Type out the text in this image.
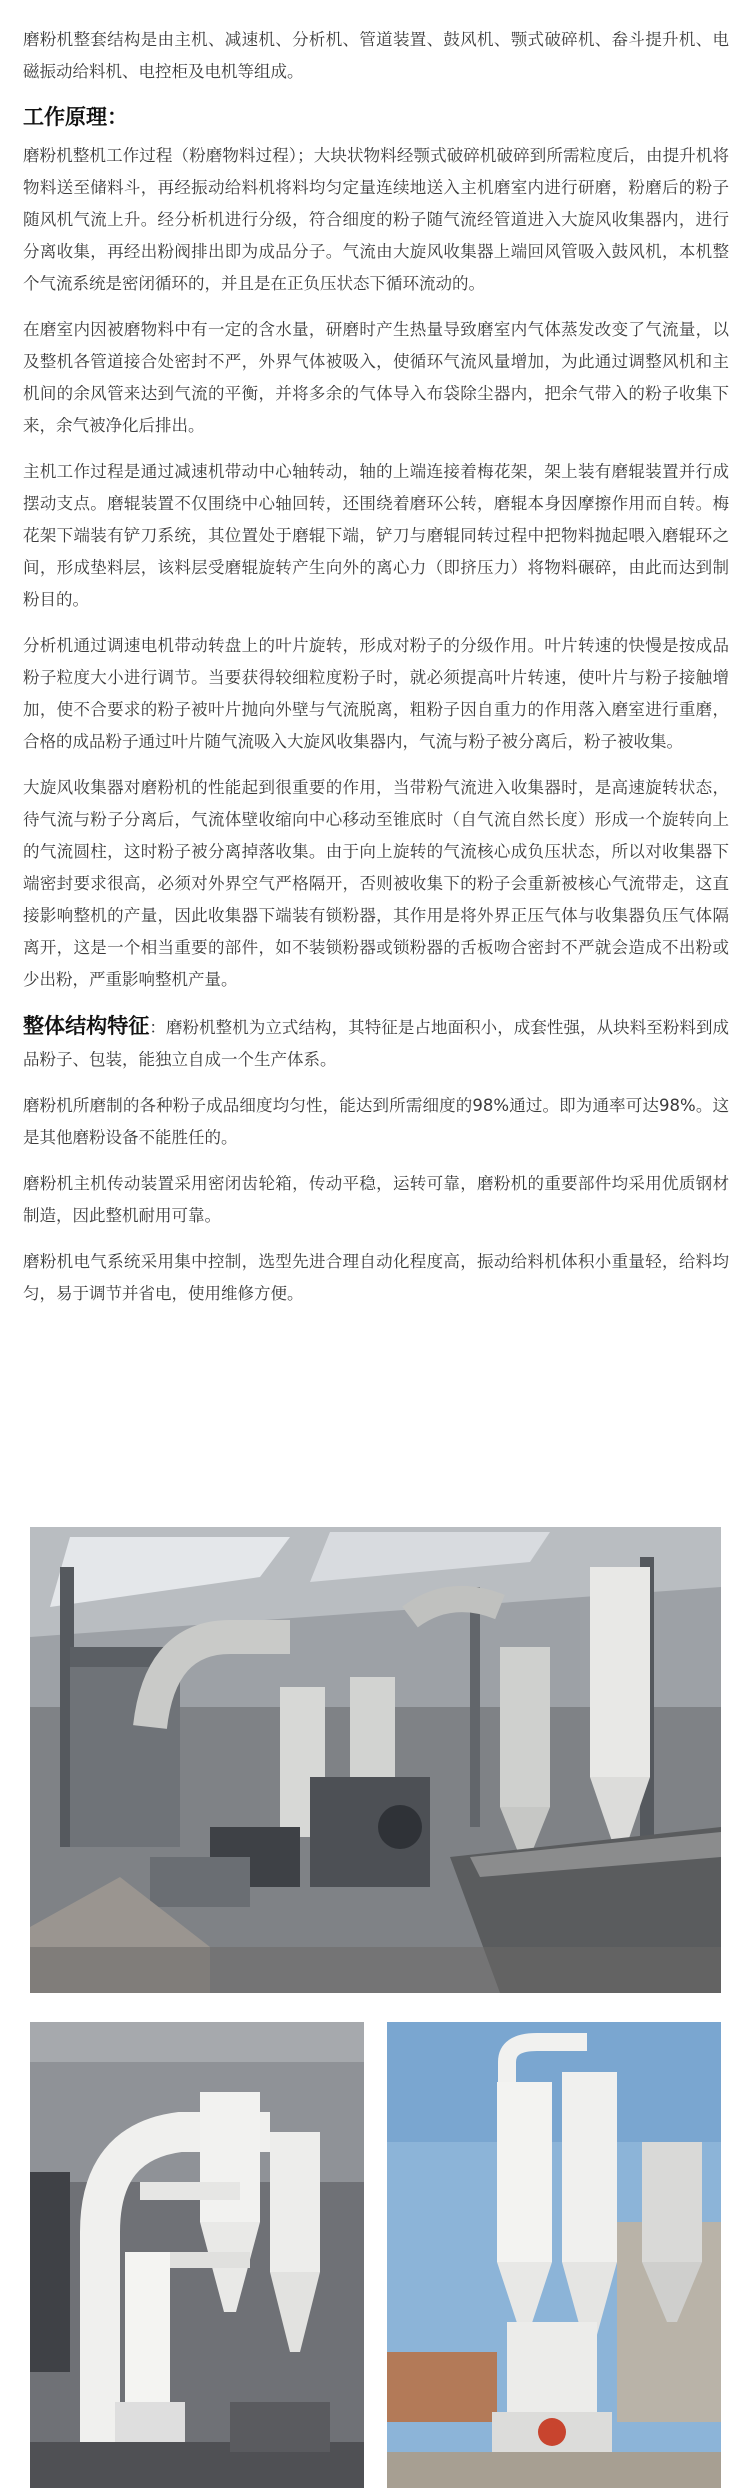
磨粉机整套结构是由主机、减速机、分析机、管道装置、鼓风机、颚式破碎机、畚斗提升机、电磁振动给料机、电控柜及电机等组成。

工作原理：

磨粉机整机工作过程（粉磨物料过程）；大块状物料经颚式破碎机破碎到所需粒度后，由提升机将物料送至储料斗，再经振动给料机将料均匀定量连续地送入主机磨室内进行研磨，粉磨后的粉子随风机气流上升。经分析机进行分级，符合细度的粉子随气流经管道进入大旋风收集器内，进行分离收集，再经出粉阀排出即为成品分子。气流由大旋风收集器上端回风管吸入鼓风机，本机整个气流系统是密闭循环的，并且是在正负压状态下循环流动的。

在磨室内因被磨物料中有一定的含水量，研磨时产生热量导致磨室内气体蒸发改变了气流量，以及整机各管道接合处密封不严，外界气体被吸入，使循环气流风量增加，为此通过调整风机和主机间的余风管来达到气流的平衡，并将多余的气体导入布袋除尘器内，把余气带入的粉子收集下来，余气被净化后排出。

主机工作过程是通过减速机带动中心轴转动，轴的上端连接着梅花架，架上装有磨辊装置并行成摆动支点。磨辊装置不仅围绕中心轴回转，还围绕着磨环公转，磨辊本身因摩擦作用而自转。梅花架下端装有铲刀系统，其位置处于磨辊下端，铲刀与磨辊同转过程中把物料抛起喂入磨辊环之间，形成垫料层，该料层受磨辊旋转产生向外的离心力（即挤压力）将物料碾碎，由此而达到制粉目的。

分析机通过调速电机带动转盘上的叶片旋转，形成对粉子的分级作用。叶片转速的快慢是按成品粉子粒度大小进行调节。当要获得较细粒度粉子时，就必须提高叶片转速，使叶片与粉子接触增加，使不合要求的粉子被叶片抛向外壁与气流脱离，粗粉子因自重力的作用落入磨室进行重磨，合格的成品粉子通过叶片随气流吸入大旋风收集器内，气流与粉子被分离后，粉子被收集。

大旋风收集器对磨粉机的性能起到很重要的作用，当带粉气流进入收集器时，是高速旋转状态，待气流与粉子分离后，气流体壁收缩向中心移动至锥底时（自气流自然长度）形成一个旋转向上的气流圆柱，这时粉子被分离掉落收集。由于向上旋转的气流核心成负压状态，所以对收集器下端密封要求很高，必须对外界空气严格隔开，否则被收集下的粉子会重新被核心气流带走，这直接影响整机的产量，因此收集器下端装有锁粉器，其作用是将外界正压气体与收集器负压气体隔离开，这是一个相当重要的部件，如不装锁粉器或锁粉器的舌板吻合密封不严就会造成不出粉或少出粉，严重影响整机产量。

整体结构特征：磨粉机整机为立式结构，其特征是占地面积小，成套性强，从块料至粉料到成品粉子、包装，能独立自成一个生产体系。

磨粉机所磨制的各种粉子成品细度均匀性，能达到所需细度的98%通过。即为通率可达98%。这是其他磨粉设备不能胜任的。

磨粉机主机传动装置采用密闭齿轮箱，传动平稳，运转可靠，磨粉机的重要部件均采用优质钢材制造，因此整机耐用可靠。

磨粉机电气系统采用集中控制，选型先进合理自动化程度高，振动给料机体积小重量轻，给料均匀，易于调节并省电，使用维修方便。
